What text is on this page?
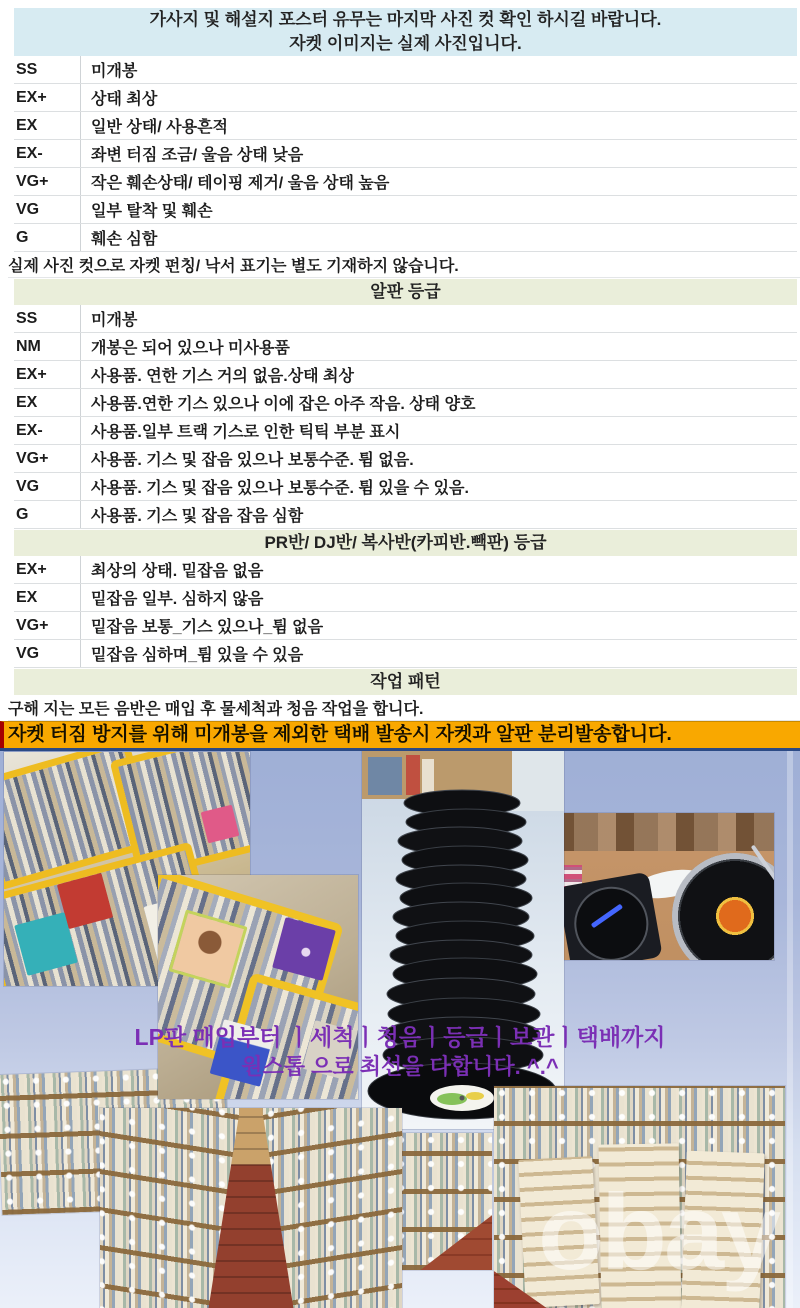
가사지 및 해설지 포스터 유무는 마지막 사진 컷 확인 하시길 바랍니다.
자켓 이미지는 실제 사진입니다.
SS	미개봉
EX+	상태 최상
EX	일반 상태/ 사용흔적
EX-	좌변 터짐 조금/ 울음 상태 낮음
VG+	작은 훼손상태/ 테이핑 제거/ 울음 상태 높음
VG	일부 탈착 및 훼손
G	훼손 심함
실제 사진 컷으로 자켓 펀칭/ 낙서 표기는 별도 기재하지 않습니다.
알판 등급
SS	미개봉
NM	개봉은 되어 있으나 미사용품
EX+	사용품. 연한 기스 거의 없음.상태 최상
EX	사용품.연한 기스 있으나 이에 잡은 아주 작음. 상태 양호
EX-	사용품.일부 트랙 기스로 인한 틱틱 부분 표시
VG+	사용품. 기스 및 잡음 있으나 보통수준. 튐 없음.
VG	사용품. 기스 및 잡음 있으나 보통수준. 튐 있을 수 있음.
G	사용품. 기스 및 잡음 잡음 심함
PR반/ DJ반/ 복사반(카피반.빽판) 등급
EX+	최상의 상태. 밑잡음 없음
EX	밑잡음 일부. 심하지 않음
VG+	밑잡음 보통_기스 있으나_튐 없음
VG	밑잡음 심하며_튐 있을 수 있음
작업 패턴
구해 지는 모든 음반은 매입 후 물세척과 청음 작업을 합니다.
자켓 터짐 방지를 위해 미개봉을 제외한 택배 발송시 자켓과 알판 분리발송합니다.
LP판 매입부터 ㅣ세척ㅣ청음ㅣ등급ㅣ보관ㅣ택배까지
원스톱 으로 최선을 다합니다. ^.^
obay
